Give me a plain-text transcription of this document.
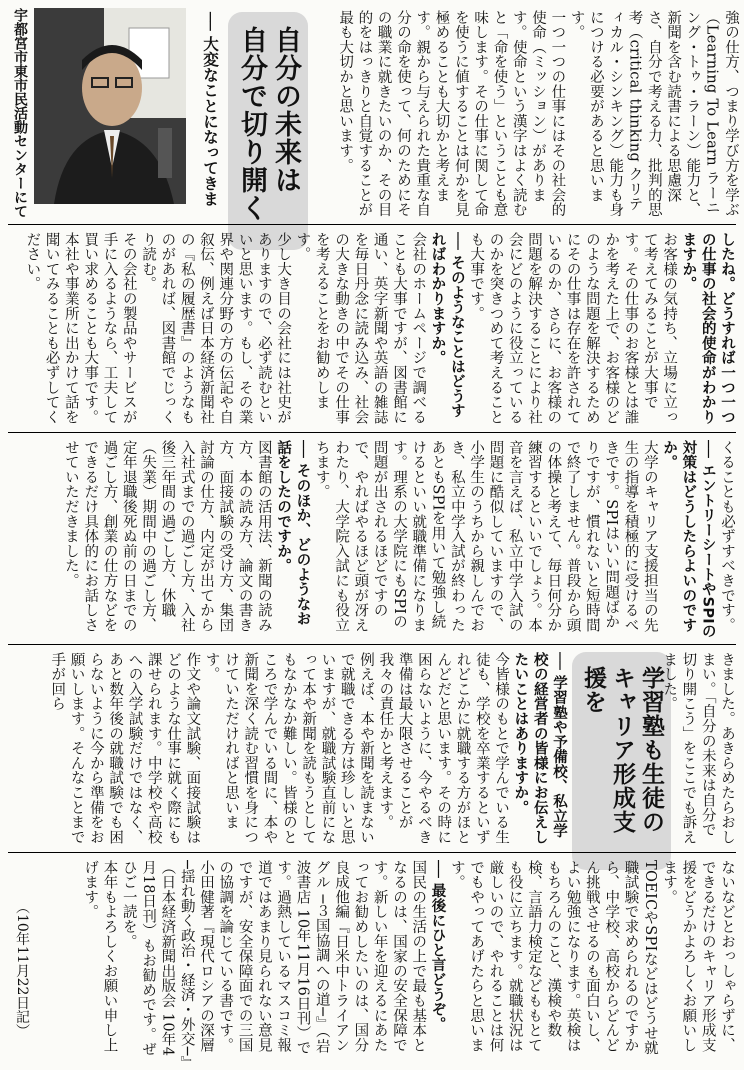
宇都宮市東市民活動センターにて	自分の未来は
自分で切り開く
── 大変なことになってきま	強の仕方、つまり学び方を学ぶ（Learning To Learn ラーニング・トゥ・ラーン）能力と、新聞を含む読書による思慮深さ、自分で考える力、批判的思考（critical thinking クリティカル・シンキング）能力も身につける必要があると思います。

一つ一つの仕事にはその社会的使命（ミッション）があります。使命という漢字はよく読むと「命を使う」ということも意味します。その仕事に関して命を使うに値することは何かを見極めることも大切かと考えます。親から与えられた貴重な自分の命を使って、何のためにその職業に就きたいのか、その目的をはっきりと自覚することが最も大切かと思います。

したね。どうすれば一つ一つの仕事の社会的使命がわかりますか。

お客様の気持ち、立場に立って考えてみることが大事です。その仕事のお客様とは誰かを考えた上で、お客様のどのような問題を解決するためにその仕事は存在を許されているのか、さらに、お客様の問題を解決することにより社会にどのように役立っているのかを突きつめて考えることも大事です。

── そのようなことはどうすればわかりますか。

会社のホームページで調べることも大事ですが、図書館に通い、英字新聞や英語の雑誌を毎日丹念に読み込み、社会の大きな動きの中でその仕事を考えることをお勧めします。

少し大き目の会社には社史がありますので、必ず読むといいと思います。もし、その業界や関連分野の方の伝記や自叙伝、例えば日本経済新聞社の『私の履歴書』のようなものがあれば、図書館でじっくり読む。

その会社の製品やサービスが手に入るようなら、工夫して買い求めることも大事です。本社や事業所に出かけて話を聞いてみることも必ずしてください。

くることも必ずすべきです。

── エントリーシートやSPIの対策はどうしたらよいのですか。

大学のキャリア支援担当の先生の指導を積極的に受けるべきです。SPIはいい問題ばかりですが、慣れないと短時間で終了しません。普段から頭の体操と考えて、毎日何分か練習するといいでしょう。本音を言えば、私立中学入試の問題に酷似していますので、小学生のうちから親しんでおき、私立中学入試が終わったあともSPIを用いて勉強し続けるといい就職準備になります。理系の大学院にもSPIの問題が出されるほどですので、やればやるほど頭が冴えわたり、大学院入試にも役立ちます。

── そのほか、どのようなお話をしたのですか。

図書館の活用法、新聞の読み方、本の読み方、論文の書き方、面接試験の受け方、集団討論の仕方、内定が出てから入社式までの過ごし方、入社後三年間の過ごし方、休職（失業）期間中の過ごし方、定年退職後死ぬ前の日までの過ごし方、創業の仕方などをできるだけ具体的にお話しさせていただきました。

学習塾も生徒の
キャリア形成支援を	きました。あきらめたらおしまい。「自分の未来は自分で切り開こう」をここでも訴えました。

── 学習塾や予備校、私立学校の経営者の皆様にお伝えしたいことはありますか。

今皆様のもとで学んでいる生徒も、学校を卒業するといずれどこかに就職する方がほとんどだと思います。その時に困らないように、今やるべき準備は最大限させることが我々の責任かと考えます。

例えば、本や新聞を読まないで就職できる方は珍しいと思いますが、就職試験直前になって本や新聞を読もうとしてもなかなか難しい。皆様のところで学んでいる間に、本や新聞を深く読む習慣を身につけていただければと思います。

作文や論文試験、面接試験はどのような仕事に就く際にも課せられます。中学校や高校への入学試験だけではなく、あと数年後の就職試験でも困らないように今から準備をお願いします。そんなことまで手が回ら

ないなどとおっしゃらずに、できるだけのキャリア形成支援をどうかよろしくお願いします。

TOEICやSPIなどはどうせ就職試験で求められるのですから、中学校、高校からどんどん挑戦させるのも面白いし、よい勉強になります。英検はもちろんのこと、漢検や数検、言語力検定などももとても役に立ちます。就職状況は厳しいので、やれることは何でもやってあげたらと思います。

── 最後にひと言どうぞ。

国民の生活の上で最も基本となるのは、国家の安全保障です。新しい年を迎えるにあたってお勧めしたいのは、国分良成他編『日米中トライアングル ─３国協調への道─』（岩波書店 10年11月16日刊）です。過熱しているマスコミ報道ではあまり見られない意見ですが、安全保障面での三国の協調を論じている書です。小田健著『現代ロシアの深層 ─揺れ動く政治・経済・外交─』（日本経済新聞出版会 10年4月18日刊）もお勧めです。ぜひご一読を。

本年もよろしくお願い申し上げます。

（10年11月22日記）
